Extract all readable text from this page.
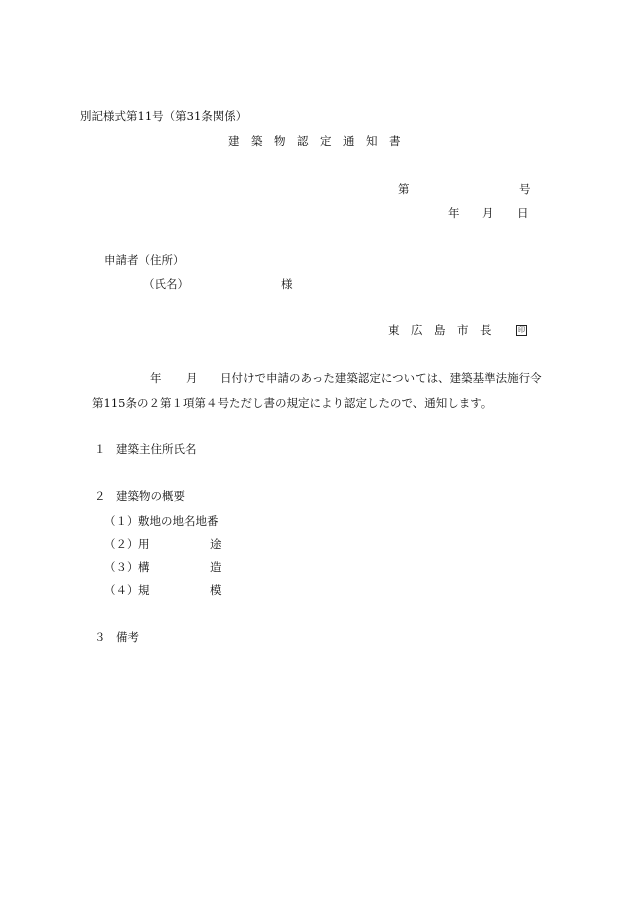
別記様式第11号（第31条関係）
建　築　物　認　定　通　知　書
第	号
年 月 日
申請者（住所）
（氏名）	様
東　広　島　市　長	印
年 月 日付けで申請のあった建築認定については、建築基準法施行令
第115条の２第１項第４号ただし書の規定により認定したので、通知します。
１ 建築主住所氏名
２ 建築物の概要
（１） 敷地の地名地番
（２） 用	途
（３） 構	造
（４） 規	模
３ 備考
